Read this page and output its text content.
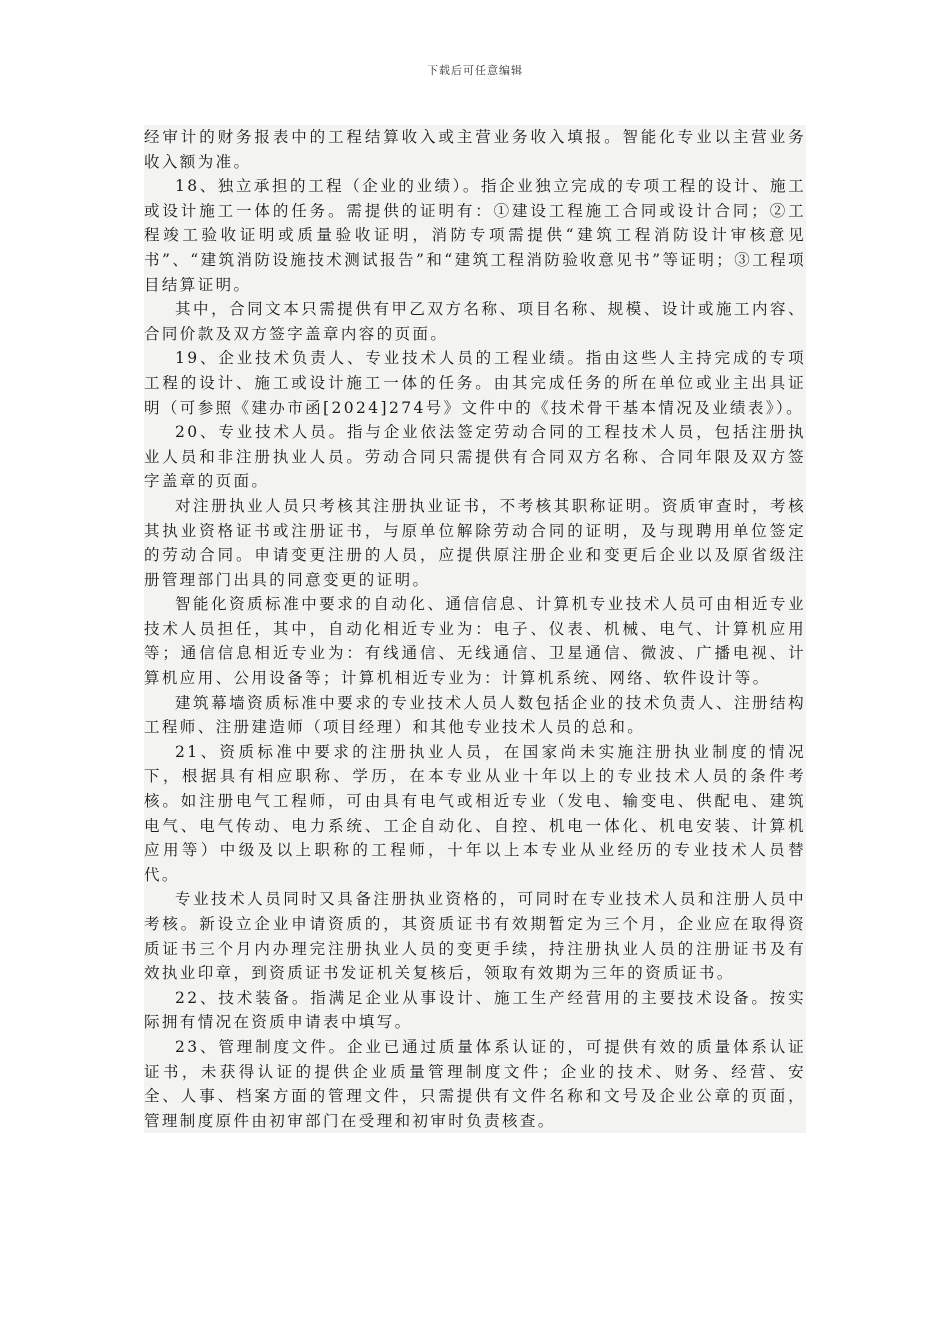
下载后可任意编辑

经审计的财务报表中的工程结算收入或主营业务收入填报。智能化专业以主营业务收入额为准。

18、独立承担的工程（企业的业绩）。指企业独立完成的专项工程的设计、施工或设计施工一体的任务。需提供的证明有：①建设工程施工合同或设计合同；②工程竣工验收证明或质量验收证明，消防专项需提供“建筑工程消防设计审核意见书”、“建筑消防设施技术测试报告”和“建筑工程消防验收意见书”等证明；③工程项目结算证明。

其中，合同文本只需提供有甲乙双方名称、项目名称、规模、设计或施工内容、合同价款及双方签字盖章内容的页面。

19、企业技术负责人、专业技术人员的工程业绩。指由这些人主持完成的专项工程的设计、施工或设计施工一体的任务。由其完成任务的所在单位或业主出具证明（可参照《建办市函[2024]274号》文件中的《技术骨干基本情况及业绩表》）。

20、专业技术人员。指与企业依法签定劳动合同的工程技术人员，包括注册执业人员和非注册执业人员。劳动合同只需提供有合同双方名称、合同年限及双方签字盖章的页面。

对注册执业人员只考核其注册执业证书，不考核其职称证明。资质审查时，考核其执业资格证书或注册证书，与原单位解除劳动合同的证明，及与现聘用单位签定的劳动合同。申请变更注册的人员，应提供原注册企业和变更后企业以及原省级注册管理部门出具的同意变更的证明。

智能化资质标准中要求的自动化、通信信息、计算机专业技术人员可由相近专业技术人员担任，其中，自动化相近专业为：电子、仪表、机械、电气、计算机应用等；通信信息相近专业为：有线通信、无线通信、卫星通信、微波、广播电视、计算机应用、公用设备等；计算机相近专业为：计算机系统、网络、软件设计等。

建筑幕墙资质标准中要求的专业技术人员人数包括企业的技术负责人、注册结构工程师、注册建造师（项目经理）和其他专业技术人员的总和。

21、资质标准中要求的注册执业人员，在国家尚未实施注册执业制度的情况下，根据具有相应职称、学历，在本专业从业十年以上的专业技术人员的条件考核。如注册电气工程师，可由具有电气或相近专业（发电、输变电、供配电、建筑电气、电气传动、电力系统、工企自动化、自控、机电一体化、机电安装、计算机应用等）中级及以上职称的工程师，十年以上本专业从业经历的专业技术人员替代。

专业技术人员同时又具备注册执业资格的，可同时在专业技术人员和注册人员中考核。新设立企业申请资质的，其资质证书有效期暂定为三个月，企业应在取得资质证书三个月内办理完注册执业人员的变更手续，持注册执业人员的注册证书及有效执业印章，到资质证书发证机关复核后，领取有效期为三年的资质证书。

22、技术装备。指满足企业从事设计、施工生产经营用的主要技术设备。按实际拥有情况在资质申请表中填写。

23、管理制度文件。企业已通过质量体系认证的，可提供有效的质量体系认证证书，未获得认证的提供企业质量管理制度文件；企业的技术、财务、经营、安全、人事、档案方面的管理文件，只需提供有文件名称和文号及企业公章的页面，管理制度原件由初审部门在受理和初审时负责核查。
